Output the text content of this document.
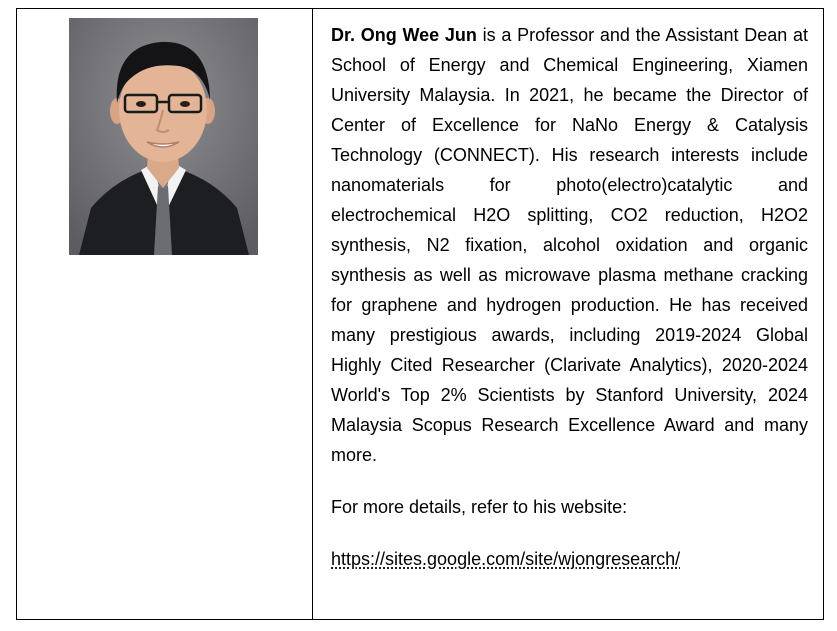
Dr. Ong Wee Jun is a Professor and the Assistant Dean at School of Energy and Chemical Engineering, Xiamen University Malaysia. In 2021, he became the Director of Center of Excellence for NaNo Energy & Catalysis Technology (CONNECT). His research interests include nanomaterials for photo(electro)catalytic and electrochemical H2O splitting, CO2 reduction, H2O2 synthesis, N2 fixation, alcohol oxidation and organic synthesis as well as microwave plasma methane cracking for graphene and hydrogen production. He has received many prestigious awards, including 2019-2024 Global Highly Cited Researcher (Clarivate Analytics), 2020-2024 World's Top 2% Scientists by Stanford University, 2024 Malaysia Scopus Research Excellence Award and many more.

For more details, refer to his website:

https://sites.google.com/site/wjongresearch/
